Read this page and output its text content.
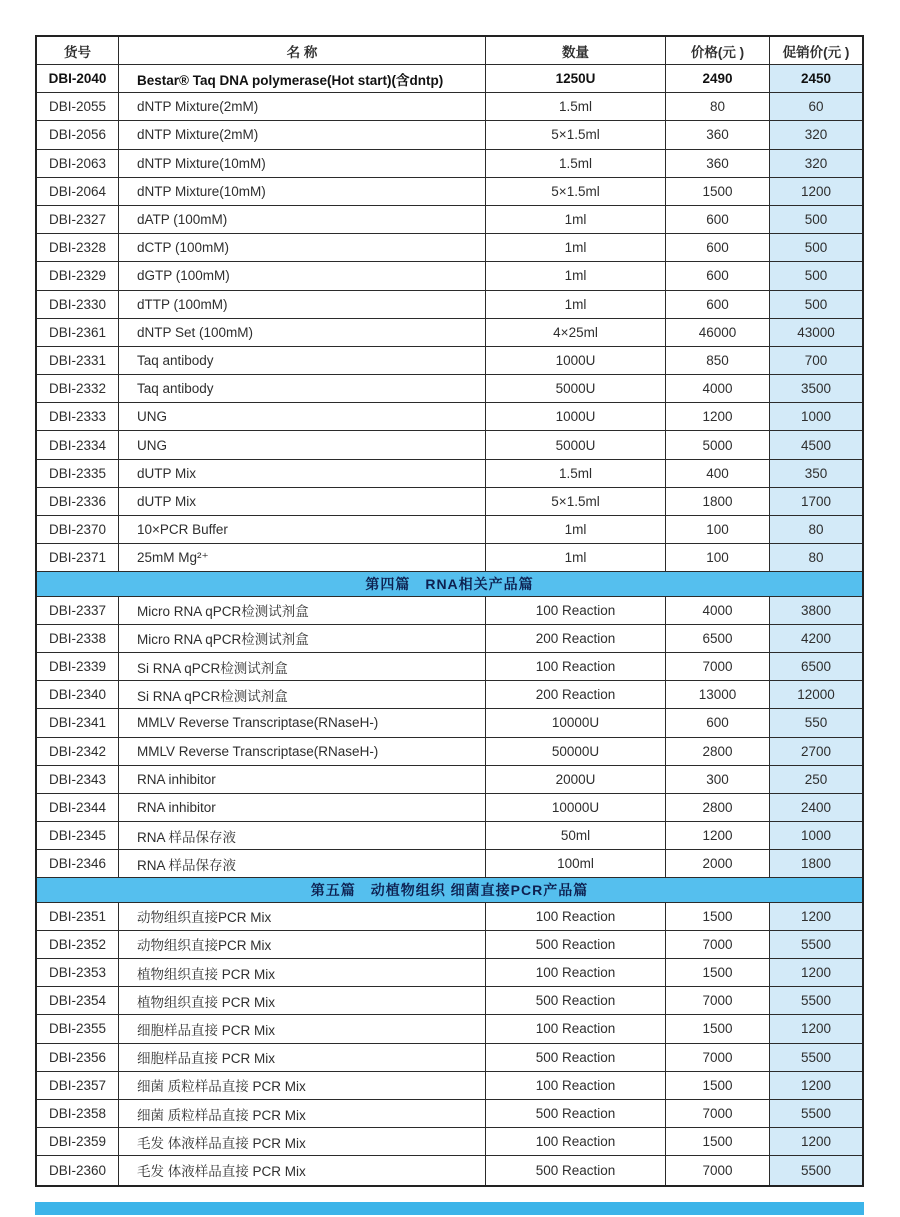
货号	名 称	数量	价格(元 )	促销价(元 )
DBI-2040	Bestar® Taq DNA polymerase(Hot start)(含dntp)	1250U	2490	2450
DBI-2055	dNTP Mixture(2mM)	1.5ml	80	60
DBI-2056	dNTP Mixture(2mM)	5×1.5ml	360	320
DBI-2063	dNTP Mixture(10mM)	1.5ml	360	320
DBI-2064	dNTP Mixture(10mM)	5×1.5ml	1500	1200
DBI-2327	dATP (100mM)	1ml	600	500
DBI-2328	dCTP (100mM)	1ml	600	500
DBI-2329	dGTP (100mM)	1ml	600	500
DBI-2330	dTTP (100mM)	1ml	600	500
DBI-2361	dNTP Set (100mM)	4×25ml	46000	43000
DBI-2331	Taq antibody	1000U	850	700
DBI-2332	Taq antibody	5000U	4000	3500
DBI-2333	UNG	1000U	1200	1000
DBI-2334	UNG	5000U	5000	4500
DBI-2335	dUTP Mix	1.5ml	400	350
DBI-2336	dUTP Mix	5×1.5ml	1800	1700
DBI-2370	10×PCR Buffer	1ml	100	80
DBI-2371	25mM Mg²⁺	1ml	100	80
第四篇　RNA相关产品篇
DBI-2337	Micro RNA qPCR检测试剂盒	100 Reaction	4000	3800
DBI-2338	Micro RNA qPCR检测试剂盒	200 Reaction	6500	4200
DBI-2339	Si RNA qPCR检测试剂盒	100 Reaction	7000	6500
DBI-2340	Si RNA qPCR检测试剂盒	200 Reaction	13000	12000
DBI-2341	MMLV Reverse Transcriptase(RNaseH-)	10000U	600	550
DBI-2342	MMLV Reverse Transcriptase(RNaseH-)	50000U	2800	2700
DBI-2343	RNA inhibitor	2000U	300	250
DBI-2344	RNA inhibitor	10000U	2800	2400
DBI-2345	RNA 样品保存液	50ml	1200	1000
DBI-2346	RNA 样品保存液	100ml	2000	1800
第五篇　动植物组织 细菌直接PCR产品篇
DBI-2351	动物组织直接PCR Mix	100 Reaction	1500	1200
DBI-2352	动物组织直接PCR Mix	500 Reaction	7000	5500
DBI-2353	植物组织直接 PCR Mix	100 Reaction	1500	1200
DBI-2354	植物组织直接 PCR Mix	500 Reaction	7000	5500
DBI-2355	细胞样品直接 PCR Mix	100 Reaction	1500	1200
DBI-2356	细胞样品直接 PCR Mix	500 Reaction	7000	5500
DBI-2357	细菌 质粒样品直接 PCR Mix	100 Reaction	1500	1200
DBI-2358	细菌 质粒样品直接 PCR Mix	500 Reaction	7000	5500
DBI-2359	毛发 体液样品直接 PCR Mix	100 Reaction	1500	1200
DBI-2360	毛发 体液样品直接 PCR Mix	500 Reaction	7000	5500
